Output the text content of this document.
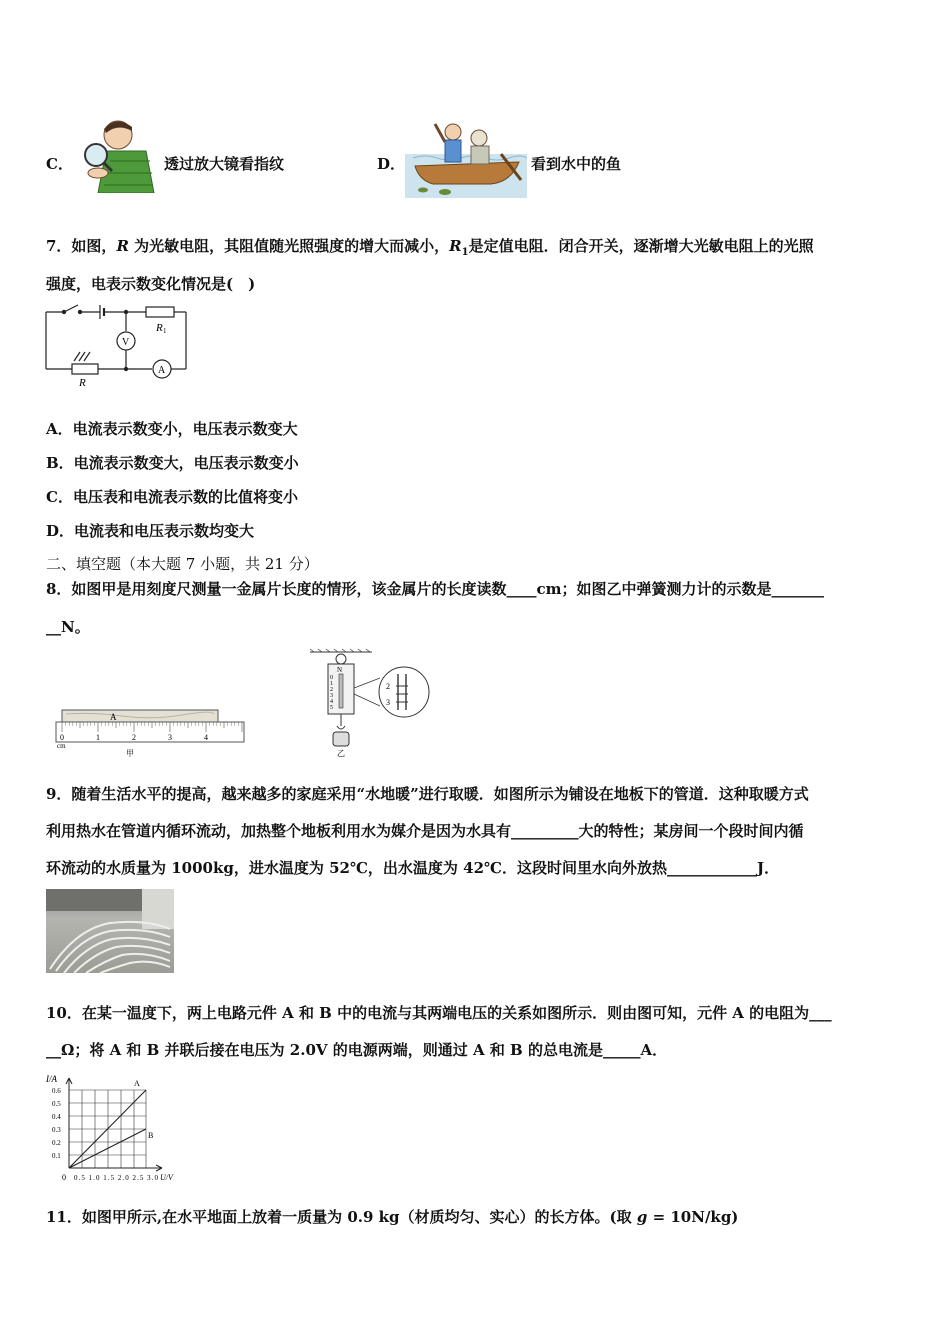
C．	透过放大镜看指纹	D．	看到水中的鱼
7．如图，R 为光敏电阻，其阻值随光照强度的增大而减小，$R_1$是定值电阻．闭合开关，逐渐增大光敏电阻上的光照
强度，电表示数变化情况是(　)
R 1
V
A
R
A．电流表示数变小，电压表示数变大
B．电流表示数变大，电压表示数变小
C．电压表和电流表示数的比值将变小
D．电流表和电压表示数均变大
二、填空题（本大题 7 小题，共 21 分）
8．如图甲是用刻度尺测量一金属片长度的情形，该金属片的长度读数____cm；如图乙中弹簧测力计的示数是_______
__N。
A
0	1	2	3	4
cm
甲
N
0
1
2
3
4
5
2
3
乙
9．随着生活水平的提高，越来越多的家庭采用“水地暖”进行取暖．如图所示为铺设在地板下的管道．这种取暖方式
利用热水在管道内循环流动，加热整个地板利用水为媒介是因为水具有_________大的特性；某房间一个段时间内循
环流动的水质量为 1000kg，进水温度为 52℃，出水温度为 42℃．这段时间里水向外放热____________J．
10．在某一温度下，两上电路元件 A 和 B 中的电流与其两端电压的关系如图所示．则由图可知，元件 A 的电阻为___
__Ω；将 A 和 B 并联后接在电压为 2.0V 的电源两端，则通过 A 和 B 的总电流是_____A．
I/A
0.1
0.2
0.3
0.4
0.5
0.6
0 0.5 1.0 1.5 2.0 2.5 3.0 U/V
A
B
11．如图甲所示,在水平地面上放着一质量为 0.9 kg（材质均匀、实心）的长方体。(取 g = 10N/kg)
